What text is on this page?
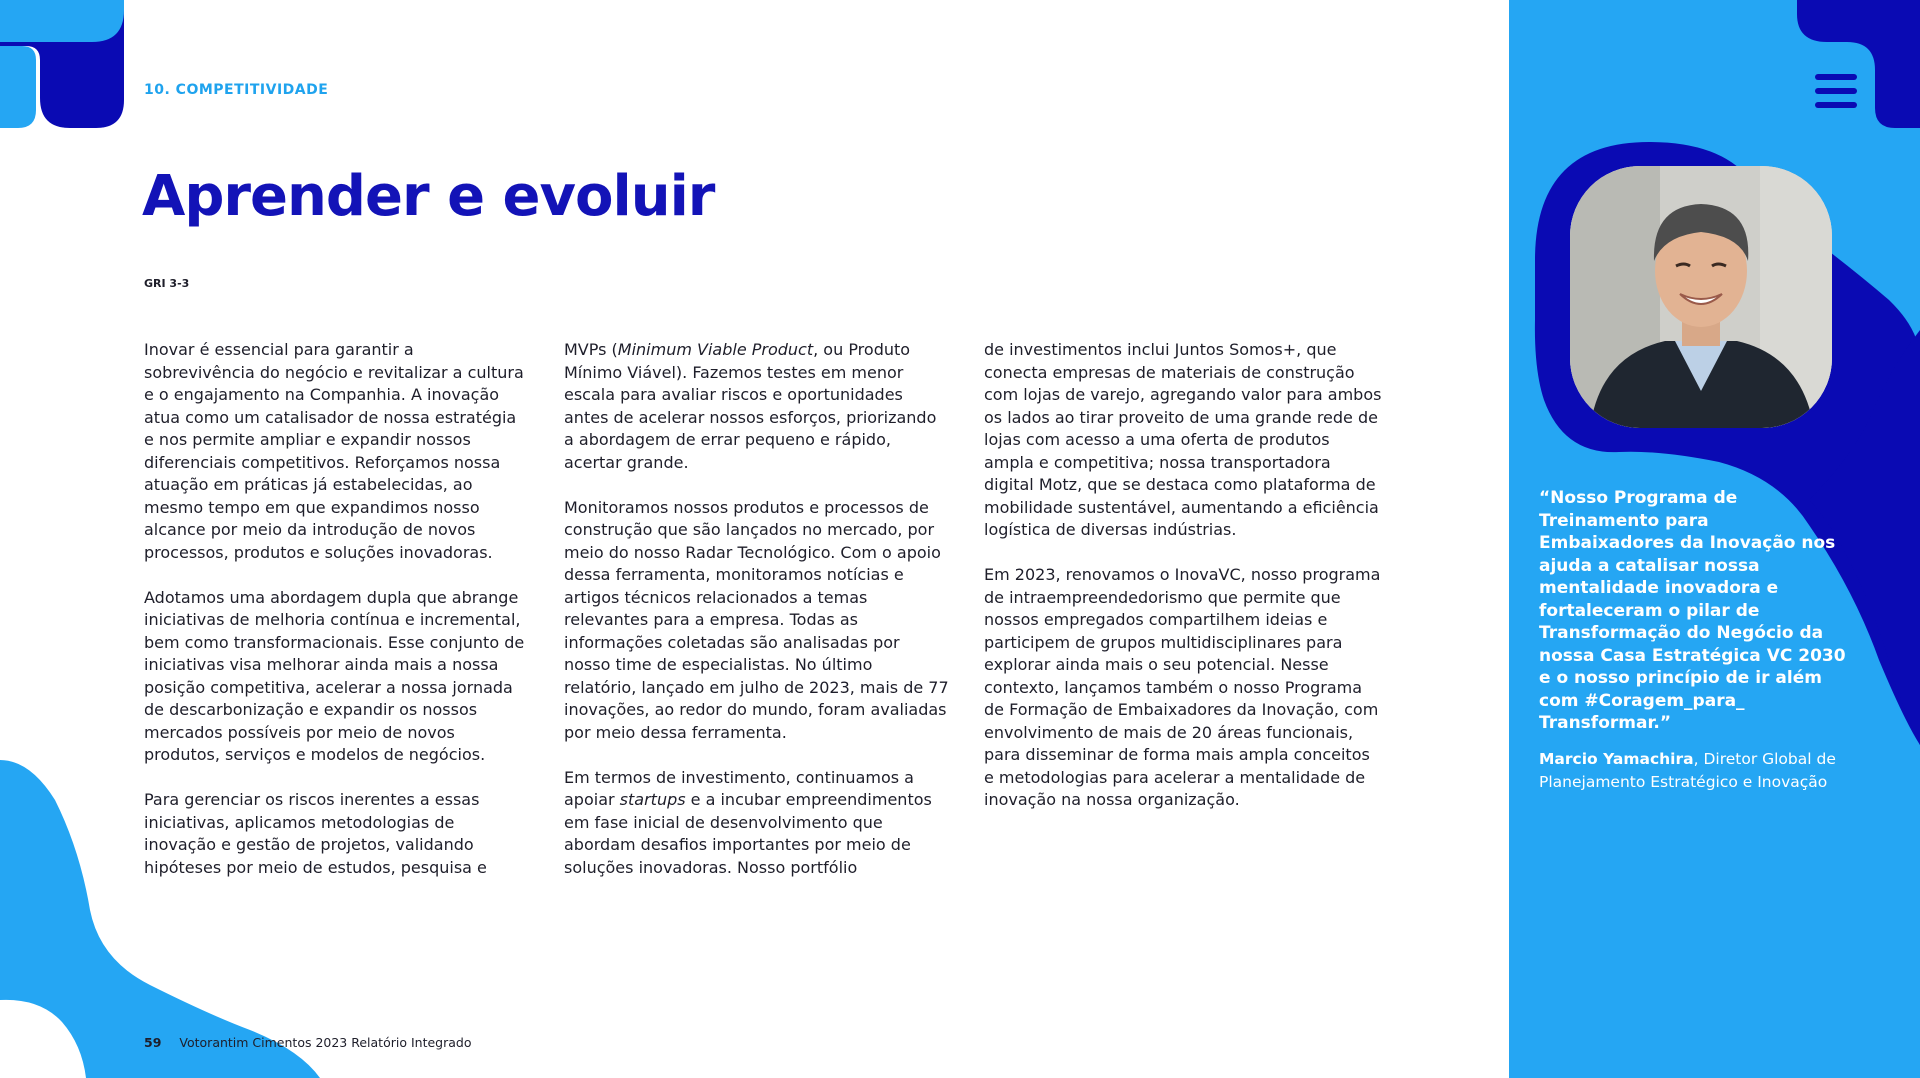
10. COMPETITIVIDADE
Aprender e evoluir
GRI 3-3

Inovar é essencial para garantir a sobrevivência do negócio e revitalizar a cultura e o engajamento na Companhia. A inovação atua como um catalisador de nossa estratégia e nos permite ampliar e expandir nossos diferenciais competitivos. Reforçamos nossa atuação em práticas já estabelecidas, ao mesmo tempo em que expandimos nosso alcance por meio da introdução de novos processos, produtos e soluções inovadoras.

Adotamos uma abordagem dupla que abrange iniciativas de melhoria contínua e incremental, bem como transformacionais. Esse conjunto de iniciativas visa melhorar ainda mais a nossa posição competitiva, acelerar a nossa jornada de descarbonização e expandir os nossos mercados possíveis por meio de novos produtos, serviços e modelos de negócios.

Para gerenciar os riscos inerentes a essas iniciativas, aplicamos metodologias de inovação e gestão de projetos, validando hipóteses por meio de estudos, pesquisa e

MVPs (Minimum Viable Product, ou Produto Mínimo Viável). Fazemos testes em menor escala para avaliar riscos e oportunidades antes de acelerar nossos esforços, priorizando a abordagem de errar pequeno e rápido, acertar grande.

Monitoramos nossos produtos e processos de construção que são lançados no mercado, por meio do nosso Radar Tecnológico. Com o apoio dessa ferramenta, monitoramos notícias e artigos técnicos relacionados a temas relevantes para a empresa. Todas as informações coletadas são analisadas por nosso time de especialistas. No último relatório, lançado em julho de 2023, mais de 77 inovações, ao redor do mundo, foram avaliadas por meio dessa ferramenta.

Em termos de investimento, continuamos a apoiar startups e a incubar empreendimentos em fase inicial de desenvolvimento que abordam desafios importantes por meio de soluções inovadoras. Nosso portfólio

de investimentos inclui Juntos Somos+, que conecta empresas de materiais de construção com lojas de varejo, agregando valor para ambos os lados ao tirar proveito de uma grande rede de lojas com acesso a uma oferta de produtos ampla e competitiva; nossa transportadora digital Motz, que se destaca como plataforma de mobilidade sustentável, aumentando a eficiência logística de diversas indústrias.

Em 2023, renovamos o InovaVC, nosso programa de intraempreendedorismo que permite que nossos empregados compartilhem ideias e participem de grupos multidisciplinares para explorar ainda mais o seu potencial. Nesse contexto, lançamos também o nosso Programa de Formação de Embaixadores da Inovação, com envolvimento de mais de 20 áreas funcionais, para disseminar de forma mais ampla conceitos e metodologias para acelerar a mentalidade de inovação na nossa organização.

59 Votorantim Cimentos 2023 Relatório Integrado
“Nosso Programa de Treinamento para Embaixadores da Inovação nos ajuda a catalisar nossa mentalidade inovadora e fortaleceram o pilar de Transformação do Negócio da nossa Casa Estratégica VC 2030 e o nosso princípio de ir além com #Coragem_para_ Transformar.”
Marcio Yamachira, Diretor Global de Planejamento Estratégico e Inovação
